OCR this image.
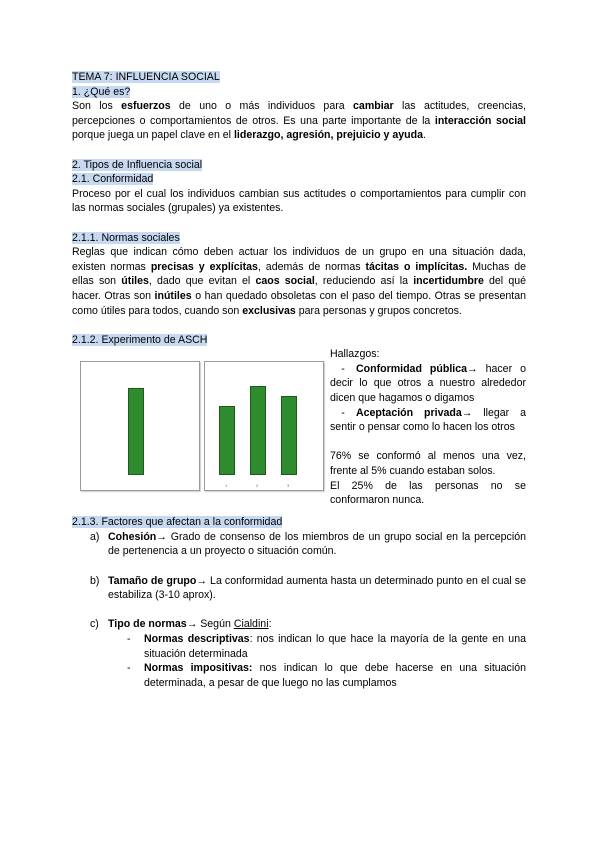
TEMA 7: INFLUENCIA SOCIAL

1. ¿Qué es?

Son los esfuerzos de uno o más individuos para cambiar las actitudes, creencias, percepciones o comportamientos de otros. Es una parte importante de la interacción social porque juega un papel clave en el liderazgo, agresión, prejuicio y ayuda.

2. Tipos de Influencia social

2.1. Conformidad

Proceso por el cual los individuos cambian sus actitudes o comportamientos para cumplir con las normas sociales (grupales) ya existentes.

2.1.1. Normas sociales

Reglas que indican cómo deben actuar los individuos de un grupo en una situación dada, existen normas precisas y explícitas, además de normas tácitas o implícitas. Muchas de ellas son útiles, dado que evitan el caos social, reduciendo así la incertidumbre del qué hacer. Otras son inútiles o han quedado obsoletas con el paso del tiempo. Otras se presentan como útiles para todos, cuando son exclusivas para personas y grupos concretos.

2.1.2. Experimento de ASCH

1	2	3

Hallazgos:

- Conformidad pública→ hacer o decir lo que otros a nuestro alrededor dicen que hagamos o digamos

- Aceptación privada→ llegar a sentir o pensar como lo hacen los otros

76% se conformó al menos una vez, frente al 5% cuando estaban solos.

El 25% de las personas no se conformaron nunca.

2.1.3. Factores que afectan a la conformidad

a) Cohesión→ Grado de consenso de los miembros de un grupo social en la percepción de pertenencia a un proyecto o situación común.
b) Tamaño de grupo→ La conformidad aumenta hasta un determinado punto en el cual se estabiliza (3-10 aprox).
c) Tipo de normas→ Según Cialdini:
- Normas descriptivas: nos indican lo que hace la mayoría de la gente en una situación determinada
- Normas impositivas: nos indican lo que debe hacerse en una situación determinada, a pesar de que luego no las cumplamos
